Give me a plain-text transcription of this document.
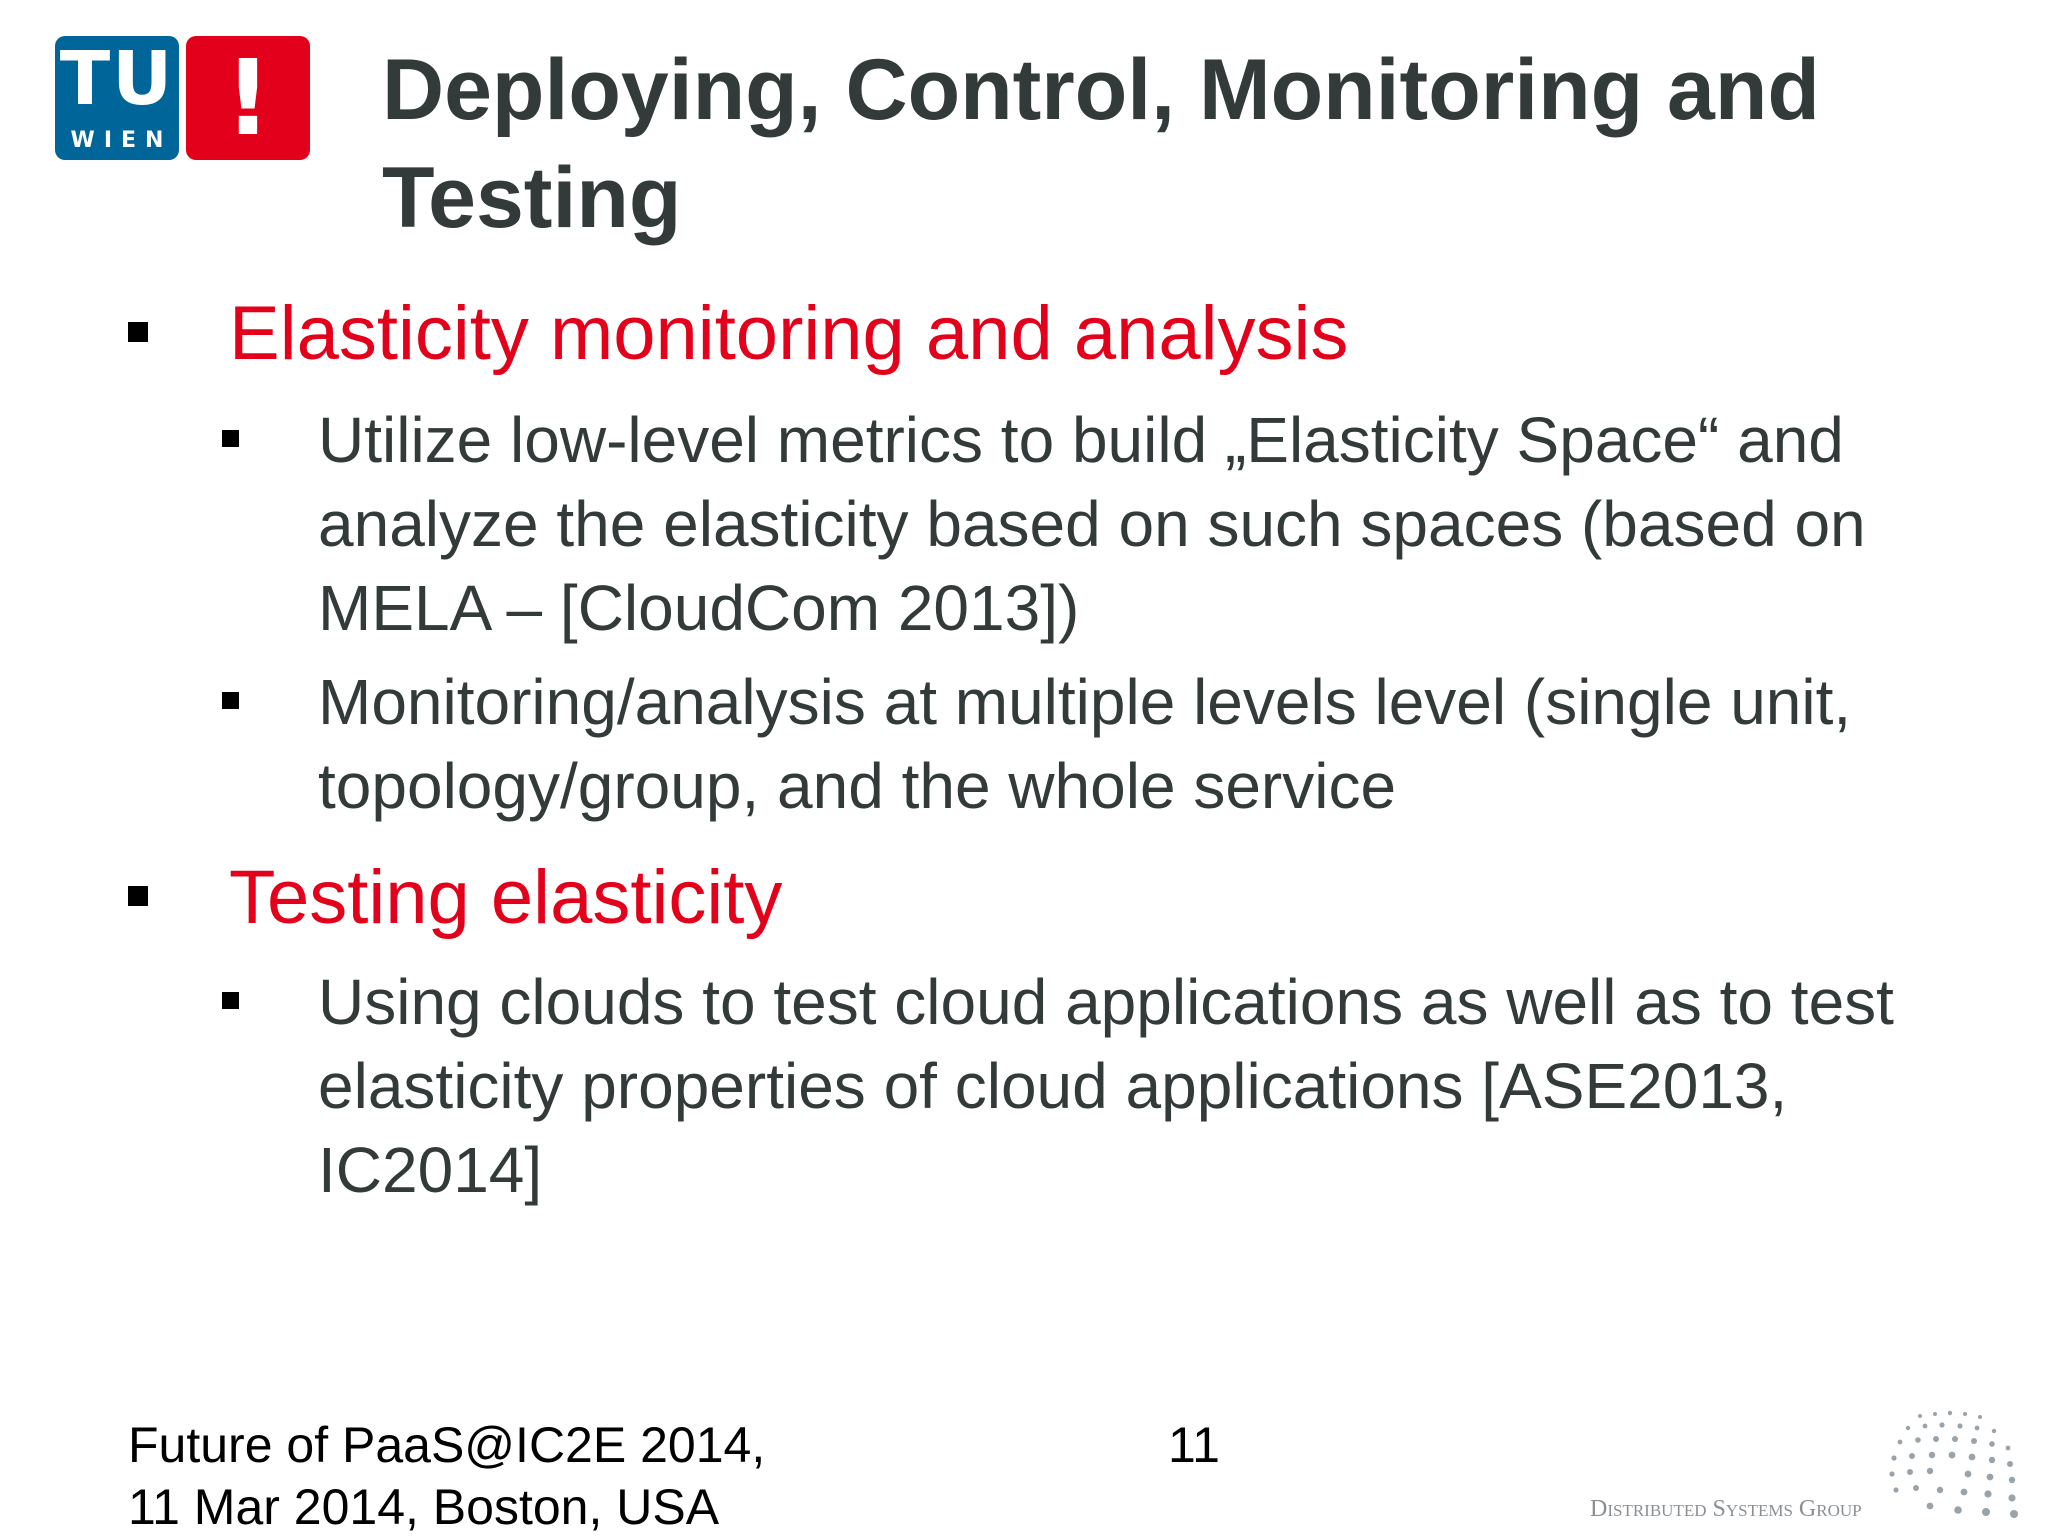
TU
WIEN !	Deploying, Control, Monitoring and Testing
Elasticity monitoring and analysis
Utilize low-level metrics to build „Elasticity Space“ and analyze the elasticity based on such spaces (based on MELA – [CloudCom 2013])
Monitoring/analysis at multiple levels level (single unit, topology/group, and the whole service
Testing elasticity
Using clouds to test cloud applications as well as to test elasticity properties of cloud applications [ASE2013, IC2014]
Future of PaaS@IC2E 2014,
11 Mar 2014, Boston, USA
11
Distributed Systems Group
